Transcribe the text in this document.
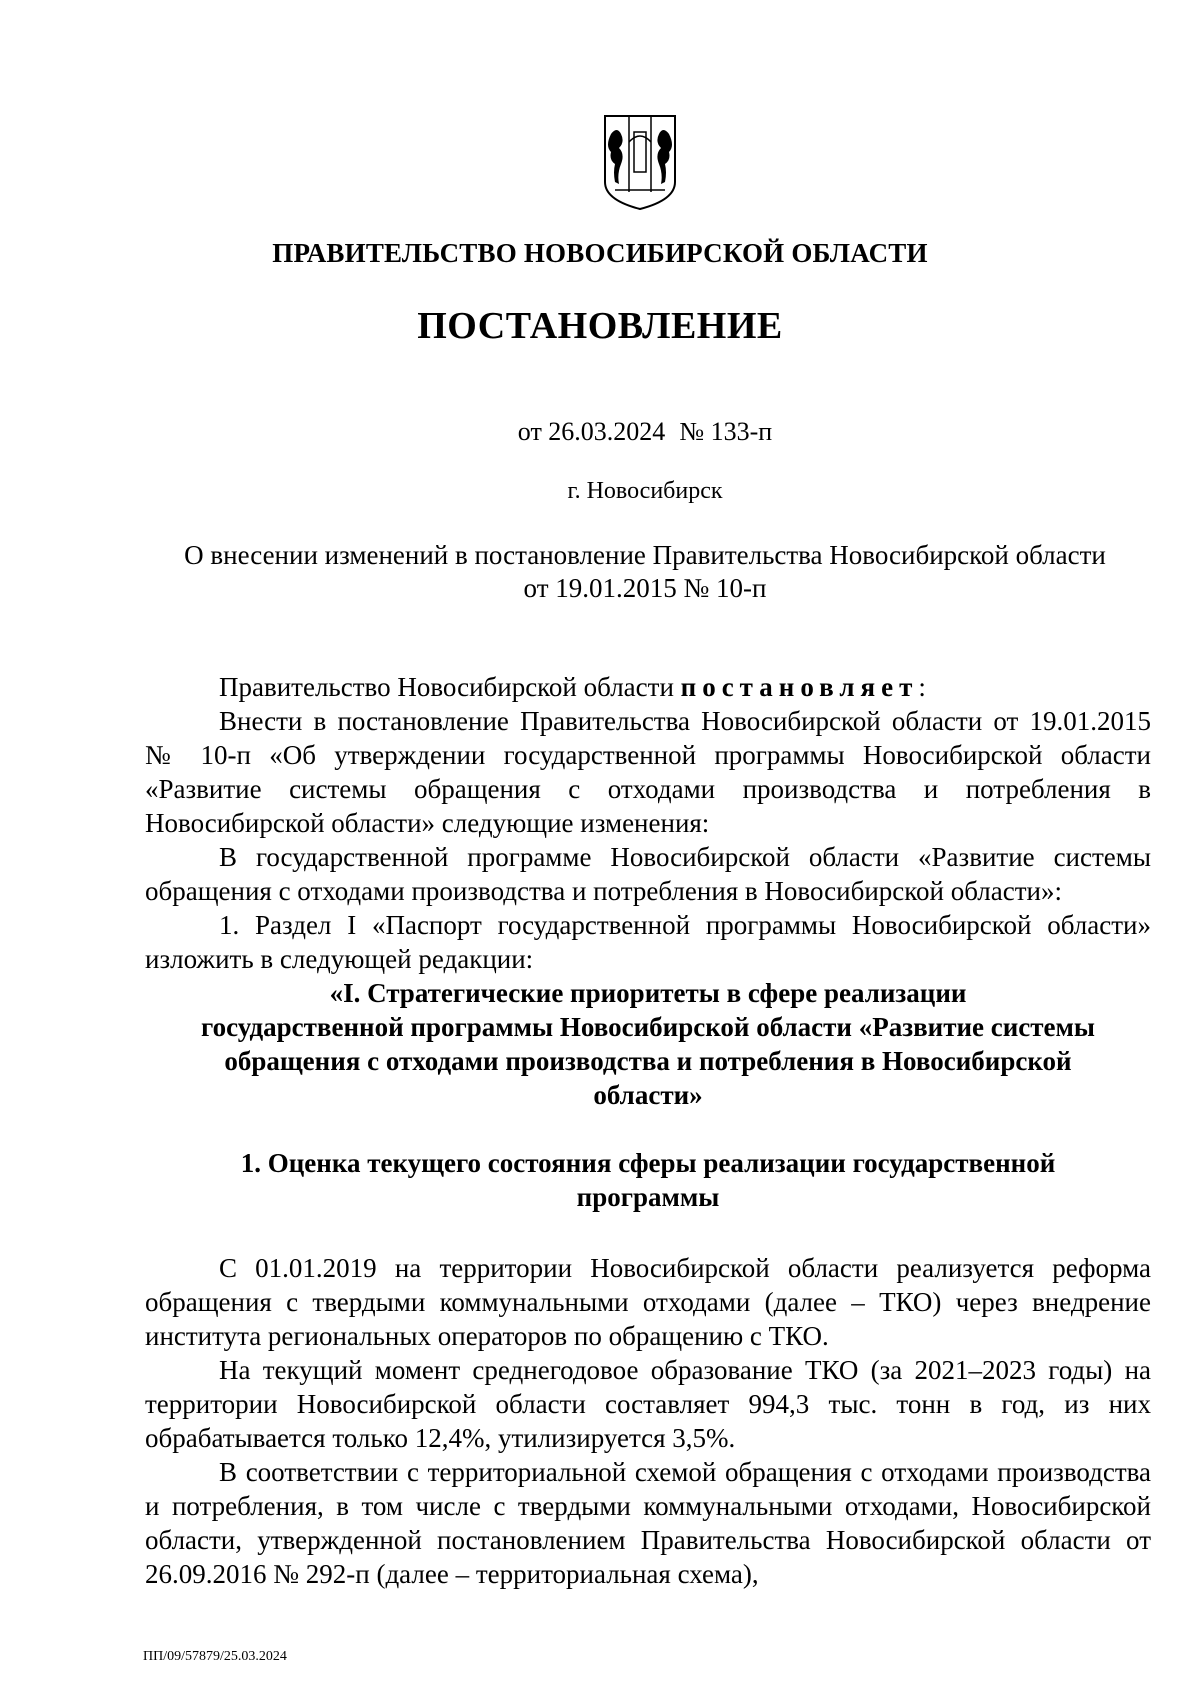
ПРАВИТЕЛЬСТВО НОВОСИБИРСКОЙ ОБЛАСТИ
ПОСТАНОВЛЕНИЕ
от 26.03.2024 № 133-п
г. Новосибирск
О внесении изменений в постановление Правительства Новосибирской области
от 19.01.2015 № 10-п

Правительство Новосибирской области постановляет:

Внести в постановление Правительства Новосибирской области от 19.01.2015 № 10-п «Об утверждении государственной программы Новосибирской области «Развитие системы обращения с отходами производства и потребления в Новосибирской области» следующие изменения:

В государственной программе Новосибирской области «Развитие системы обращения с отходами производства и потребления в Новосибирской области»:

1. Раздел I «Паспорт государственной программы Новосибирской области» изложить в следующей редакции:

«I. Стратегические приоритеты в сфере реализации
государственной программы Новосибирской области «Развитие системы
обращения с отходами производства и потребления в Новосибирской
области»
1. Оценка текущего состояния сферы реализации государственной
программы

С 01.01.2019 на территории Новосибирской области реализуется реформа обращения с твердыми коммунальными отходами (далее – ТКО) через внедрение института региональных операторов по обращению с ТКО.

На текущий момент среднегодовое образование ТКО (за 2021–2023 годы) на территории Новосибирской области составляет 994,3 тыс. тонн в год, из них обрабатывается только 12,4%, утилизируется 3,5%.

В соответствии с территориальной схемой обращения с отходами производства и потребления, в том числе с твердыми коммунальными отходами, Новосибирской области, утвержденной постановлением Правительства Новосибирской области от 26.09.2016 № 292-п (далее – территориальная схема),

ПП/09/57879/25.03.2024
